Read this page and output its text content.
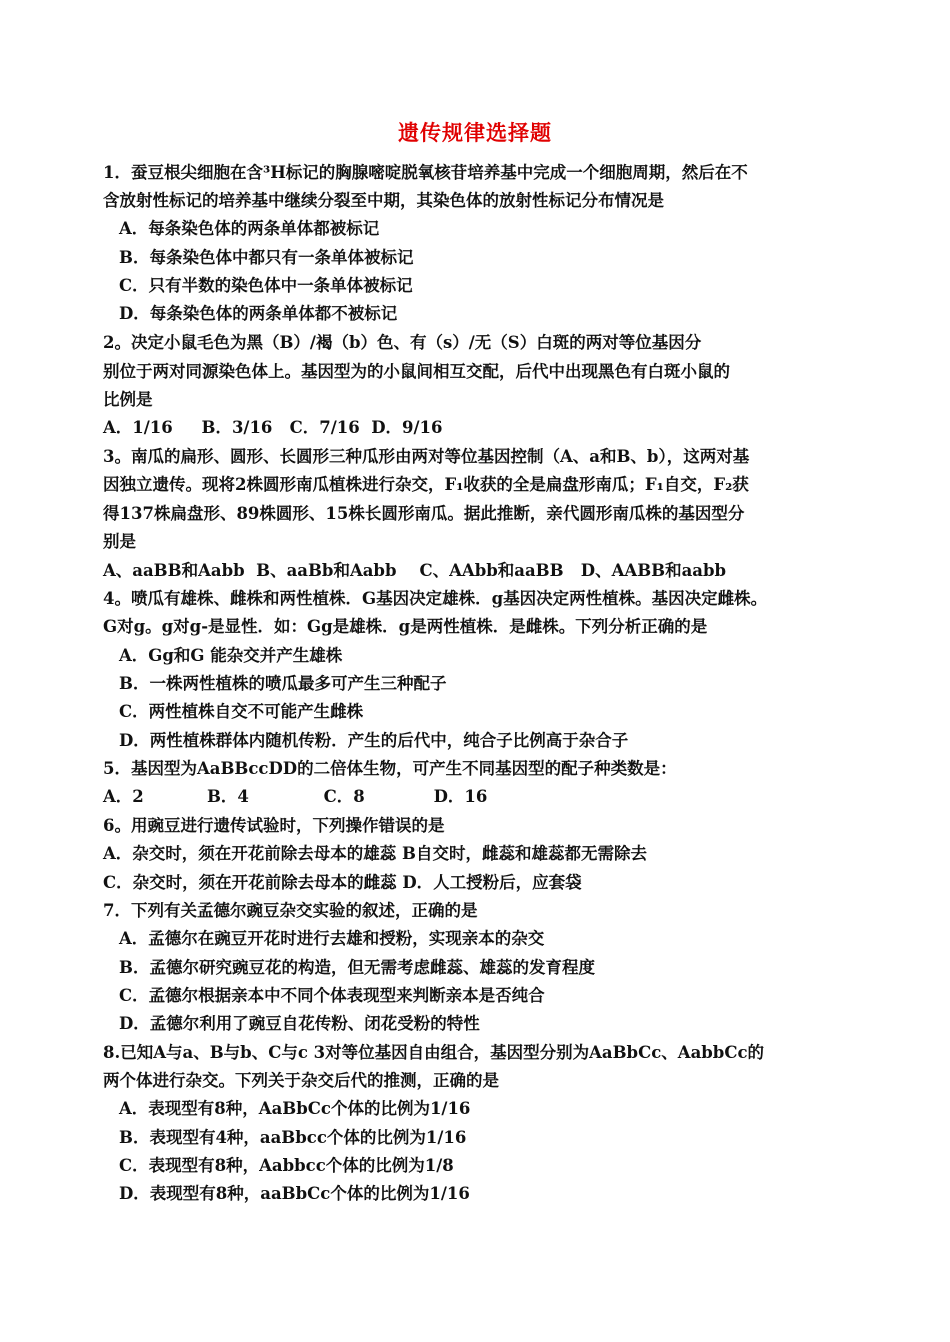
遗传规律选择题
1．蚕豆根尖细胞在含³H标记的胸腺嘧啶脱氧核苷培养基中完成一个细胞周期，然后在不
含放射性标记的培养基中继续分裂至中期，其染色体的放射性标记分布情况是
A．每条染色体的两条单体都被标记
B．每条染色体中都只有一条单体被标记
C．只有半数的染色体中一条单体被标记
D．每条染色体的两条单体都不被标记
2。决定小鼠毛色为黑（B）/褐（b）色、有（s）/无（S）白斑的两对等位基因分
别位于两对同源染色体上。基因型为的小鼠间相互交配，后代中出现黑色有白斑小鼠的
比例是
A．1/16     B．3/16   C．7/16  D．9/16
3。南瓜的扁形、圆形、长圆形三种瓜形由两对等位基因控制（A、a和B、b），这两对基
因独立遗传。现将2株圆形南瓜植株进行杂交，F₁收获的全是扁盘形南瓜；F₁自交，F₂获
得137株扁盘形、89株圆形、15株长圆形南瓜。据此推断，亲代圆形南瓜株的基因型分
别是
A、aaBB和Aabb  B、aaBb和Aabb    C、AAbb和aaBB   D、AABB和aabb
4。喷瓜有雄株、雌株和两性植株．G基因决定雄株．g基因决定两性植株。基因决定雌株。
G对g。g对g-是显性．如：Gg是雄株．g是两性植株．是雌株。下列分析正确的是
A．Gg和G 能杂交并产生雄株
B．一株两性植株的喷瓜最多可产生三种配子
C．两性植株自交不可能产生雌株
D．两性植株群体内随机传粉．产生的后代中，纯合子比例高于杂合子
5．基因型为AaBBccDD的二倍体生物，可产生不同基因型的配子种类数是：
A．2           B．4             C．8            D．16
6。用豌豆进行遗传试验时，下列操作错误的是
A．杂交时，须在开花前除去母本的雄蕊 B自交时，雌蕊和雄蕊都无需除去
C．杂交时，须在开花前除去母本的雌蕊 D．人工授粉后，应套袋
7．下列有关孟德尔豌豆杂交实验的叙述，正确的是
A．孟德尔在豌豆开花时进行去雄和授粉，实现亲本的杂交
B．孟德尔研究豌豆花的构造，但无需考虑雌蕊、雄蕊的发育程度
C．孟德尔根据亲本中不同个体表现型来判断亲本是否纯合
D．孟德尔利用了豌豆自花传粉、闭花受粉的特性
8.已知A与a、B与b、C与c 3对等位基因自由组合，基因型分别为AaBbCc、AabbCc的
两个体进行杂交。下列关于杂交后代的推测，正确的是
A．表现型有8种，AaBbCc个体的比例为1/16
B．表现型有4种，aaBbcc个体的比例为1/16
C．表现型有8种，Aabbcc个体的比例为1/8
D．表现型有8种，aaBbCc个体的比例为1/16
